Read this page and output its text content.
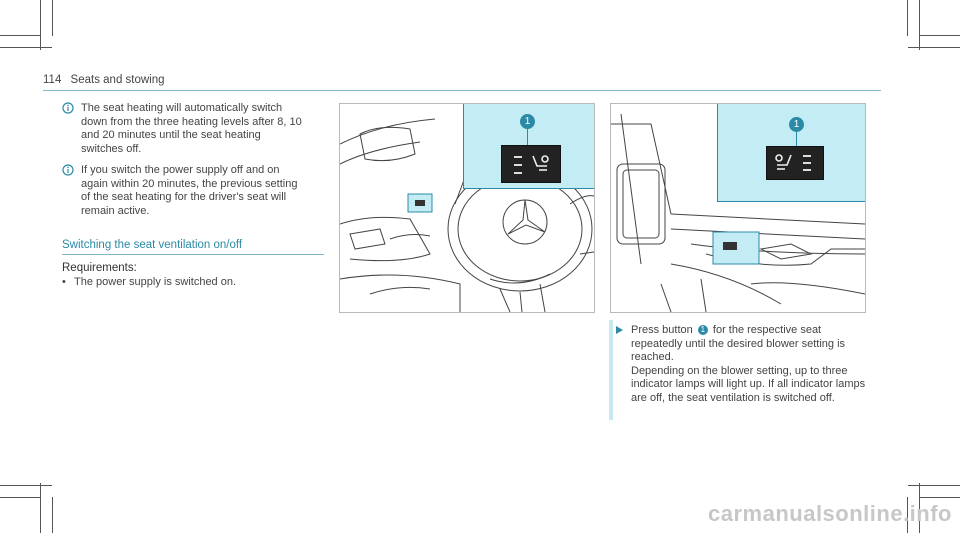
114 Seats and stowing
The seat heating will automatically switch down from the three heating levels after 8, 10 and 20 minutes until the seat heating switches off.
If you switch the power supply off and on again within 20 minutes, the previous setting of the seat heating for the driver's seat will remain active.
Switching the seat ventilation on/off
Requirements:
• The power supply is switched on.
1	1
Press button 1 for the respective seat repeatedly until the desired blower setting is reached.
Depending on the blower setting, up to three indicator lamps will light up. If all indicator lamps are off, the seat ventilation is switched off.
carmanualsonline.info
